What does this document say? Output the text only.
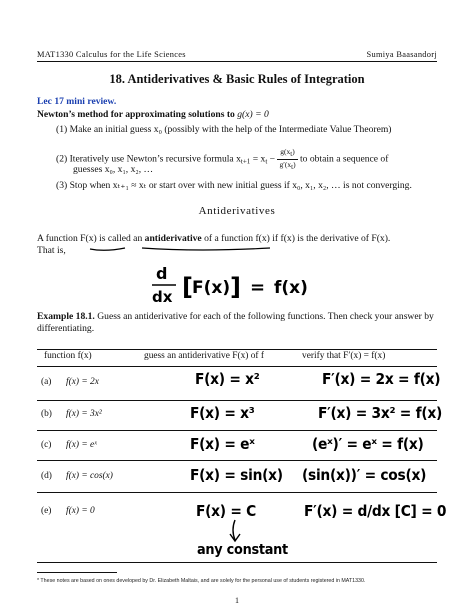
MAT1330 Calculus for the Life Sciences	Sumiya Baasandorj
18. Antiderivatives & Basic Rules of Integration
Lec 17 mini review.
Newton’s method for approximating solutions to g(x) = 0
(1) Make an initial guess x₀ (possibly with the help of the Intermediate Value Theorem)
(2) Iteratively use Newton’s recursive formula $x_{t+1} = x_t - \frac{g(xt)}{g'(xt)}$ to obtain a sequence of
guesses x₀, x₁, x₂, …
(3) Stop when xₜ₊₁ ≈ xₜ or start over with new initial guess if x₀, x₁, x₂, … is not converging.
Antiderivatives
A function F(x) is called an antiderivative of a function f(x) if f(x) is the derivative of F(x).
That is,
d
dx [ F(x) ] = f(x)
Example 18.1. Guess an antiderivative for each of the following functions. Then check your answer by differentiating.
function f(x)	guess an antiderivative F(x) of f	verify that F′(x) = f(x)
(a) f(x) = 2x	F(x) = x²	F′(x) = 2x = f(x)
(b) f(x) = 3x²	F(x) = x³	F′(x) = 3x² = f(x)
(c) f(x) = eˣ	F(x) = eˣ	(eˣ)′ = eˣ = f(x)
(d) f(x) = cos(x)	F(x) = sin(x) (sin(x))′ = cos(x)
(e) f(x) = 0	F(x) = C	F′(x) = d/dx [C] = 0
any constant
* These notes are based on ones developed by Dr. Elizabeth Maltais, and are solely for the personal use of students registered in MAT1330.
1
